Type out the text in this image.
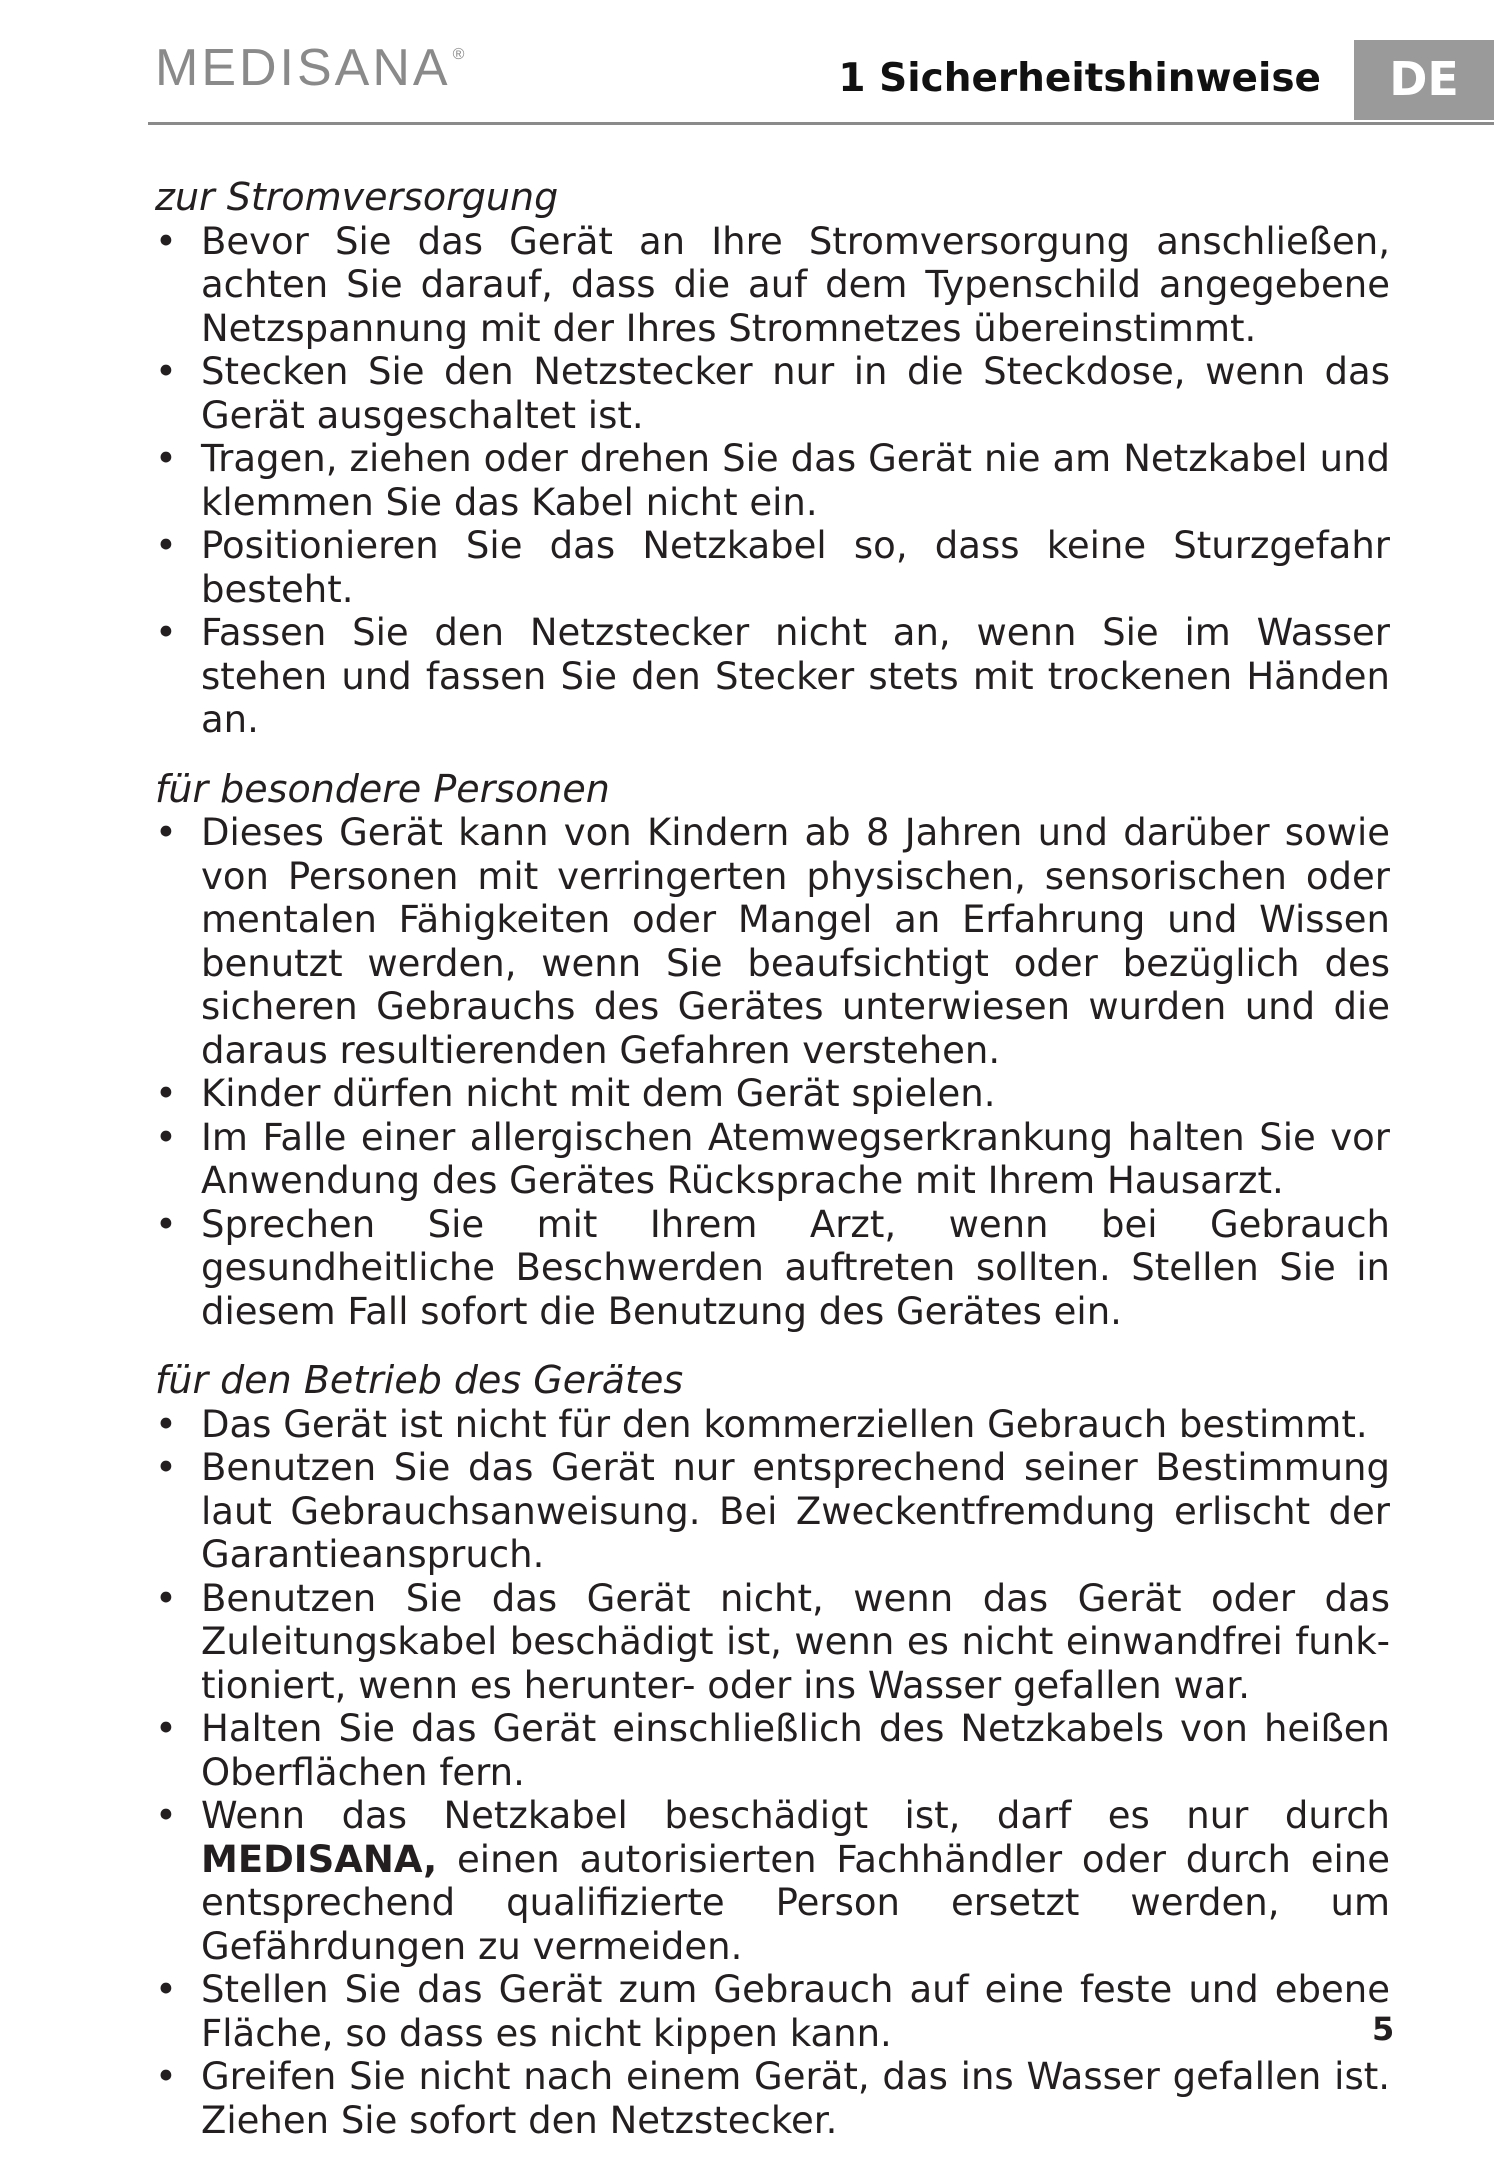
MEDISANA ®
1 Sicherheitshinweise	DE

zur Stromversorgung

• Bevor Sie das Gerät an Ihre Stromversorgung anschließen, achten Sie darauf, dass die auf dem Typenschild angegebene Netzspannung mit der Ihres Stromnetzes übereinstimmt.
• Stecken Sie den Netzstecker nur in die Steckdose, wenn das Gerät ausgeschaltet ist.
• Tragen, ziehen oder drehen Sie das Gerät nie am Netzkabel und klemmen Sie das Kabel nicht ein.
• Positionieren Sie das Netzkabel so, dass keine Sturzgefahr besteht.
• Fassen Sie den Netzstecker nicht an, wenn Sie im Wasser stehen und fassen Sie den Stecker stets mit trockenen Händen an.

für besondere Personen

• Dieses Gerät kann von Kindern ab 8 Jahren und darüber sowie von Personen mit verringerten physischen, sensorischen oder mentalen Fähigkeiten oder Mangel an Erfahrung und Wissen benutzt werden, wenn Sie beaufsichtigt oder bezüglich des sicheren Gebrauchs des Gerätes unterwiesen wurden und die daraus resultierenden Gefahren verstehen.
• Kinder dürfen nicht mit dem Gerät spielen.
• Im Falle einer allergischen Atemwegserkrankung halten Sie vor Anwendung des Gerätes Rücksprache mit Ihrem Hausarzt.
• Sprechen Sie mit Ihrem Arzt, wenn bei Gebrauch gesundheitliche Beschwerden auftreten sollten. Stellen Sie in diesem Fall sofort die Benutzung des Gerätes ein.

für den Betrieb des Gerätes

• Das Gerät ist nicht für den kommerziellen Gebrauch bestimmt.
• Benutzen Sie das Gerät nur entsprechend seiner Bestimmung laut Gebrauchsanweisung. Bei Zweckentfremdung erlischt der Garantieanspruch.
• Benutzen Sie das Gerät nicht, wenn das Gerät oder das Zuleitungskabel beschädigt ist, wenn es nicht einwandfrei funktioniert, wenn es herunter- oder ins Wasser gefallen war.
• Halten Sie das Gerät einschließlich des Netzkabels von heißen Oberflächen fern.
• Wenn das Netzkabel beschädigt ist, darf es nur durch MEDISANA, einen autorisierten Fachhändler oder durch eine entsprechend qualifizierte Person ersetzt werden, um Gefährdungen zu vermeiden.
• Stellen Sie das Gerät zum Gebrauch auf eine feste und ebene Fläche, so dass es nicht kippen kann.
• Greifen Sie nicht nach einem Gerät, das ins Wasser gefallen ist. Ziehen Sie sofort den Netzstecker.
5
